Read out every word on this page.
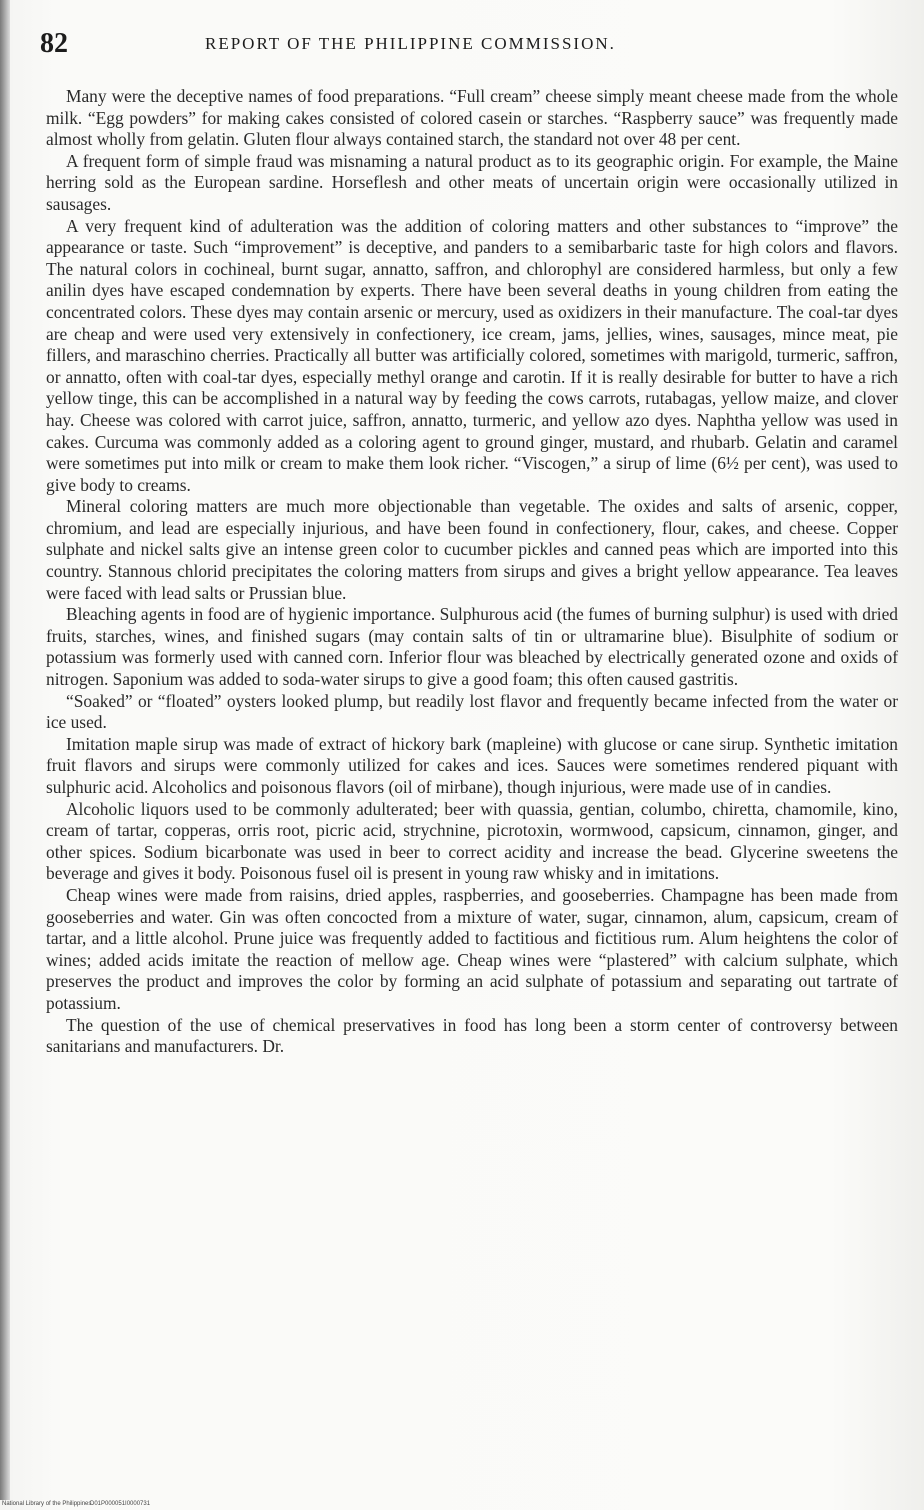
82	REPORT OF THE PHILIPPINE COMMISSION.

Many were the deceptive names of food preparations. “Full cream” cheese simply meant cheese made from the whole milk. “Egg powders” for making cakes consisted of colored casein or starches. “Raspberry sauce” was frequently made almost wholly from gelatin. Gluten flour always contained starch, the standard not over 48 per cent.

A frequent form of simple fraud was misnaming a natural product as to its geographic origin. For example, the Maine herring sold as the European sardine. Horseflesh and other meats of uncertain origin were occasionally utilized in sausages.

A very frequent kind of adulteration was the addition of coloring matters and other substances to “improve” the appearance or taste. Such “improvement” is deceptive, and panders to a semibarbaric taste for high colors and flavors. The natural colors in cochineal, burnt sugar, annatto, saffron, and chlorophyl are considered harmless, but only a few anilin dyes have escaped condemnation by experts. There have been several deaths in young children from eating the concentrated colors. These dyes may contain arsenic or mercury, used as oxidizers in their manufacture. The coal-tar dyes are cheap and were used very extensively in confectionery, ice cream, jams, jellies, wines, sausages, mince meat, pie fillers, and maraschino cherries. Practically all butter was artificially colored, sometimes with marigold, turmeric, saffron, or annatto, often with coal-tar dyes, especially methyl orange and carotin. If it is really desirable for butter to have a rich yellow tinge, this can be accomplished in a natural way by feeding the cows carrots, rutabagas, yellow maize, and clover hay. Cheese was colored with carrot juice, saffron, annatto, turmeric, and yellow azo dyes. Naphtha yellow was used in cakes. Curcuma was commonly added as a coloring agent to ground ginger, mustard, and rhubarb. Gelatin and caramel were sometimes put into milk or cream to make them look richer. “Viscogen,” a sirup of lime (6½ per cent), was used to give body to creams.

Mineral coloring matters are much more objectionable than vegetable. The oxides and salts of arsenic, copper, chromium, and lead are especially injurious, and have been found in confectionery, flour, cakes, and cheese. Copper sulphate and nickel salts give an intense green color to cucumber pickles and canned peas which are imported into this country. Stannous chlorid precipitates the coloring matters from sirups and gives a bright yellow appearance. Tea leaves were faced with lead salts or Prussian blue.

Bleaching agents in food are of hygienic importance. Sulphurous acid (the fumes of burning sulphur) is used with dried fruits, starches, wines, and finished sugars (may contain salts of tin or ultramarine blue). Bisulphite of sodium or potassium was formerly used with canned corn. Inferior flour was bleached by electrically generated ozone and oxids of nitrogen. Saponium was added to soda-water sirups to give a good foam; this often caused gastritis.

“Soaked” or “floated” oysters looked plump, but readily lost flavor and frequently became infected from the water or ice used.

Imitation maple sirup was made of extract of hickory bark (mapleine) with glucose or cane sirup. Synthetic imitation fruit flavors and sirups were commonly utilized for cakes and ices. Sauces were sometimes rendered piquant with sulphuric acid. Alcoholics and poisonous flavors (oil of mirbane), though injurious, were made use of in candies.

Alcoholic liquors used to be commonly adulterated; beer with quassia, gentian, columbo, chiretta, chamomile, kino, cream of tartar, copperas, orris root, picric acid, strychnine, picrotoxin, wormwood, capsicum, cinnamon, ginger, and other spices. Sodium bicarbonate was used in beer to correct acidity and increase the bead. Glycerine sweetens the beverage and gives it body. Poisonous fusel oil is present in young raw whisky and in imitations.

Cheap wines were made from raisins, dried apples, raspberries, and gooseberries. Champagne has been made from gooseberries and water. Gin was often concocted from a mixture of water, sugar, cinnamon, alum, capsicum, cream of tartar, and a little alcohol. Prune juice was frequently added to factitious and fictitious rum. Alum heightens the color of wines; added acids imitate the reaction of mellow age. Cheap wines were “plastered” with calcium sulphate, which preserves the product and improves the color by forming an acid sulphate of potassium and separating out tartrate of potassium.

The question of the use of chemical preservatives in food has long been a storm center of controversy between sanitarians and manufacturers. Dr.

National Library of the Philippines
D01P000051I0000731
